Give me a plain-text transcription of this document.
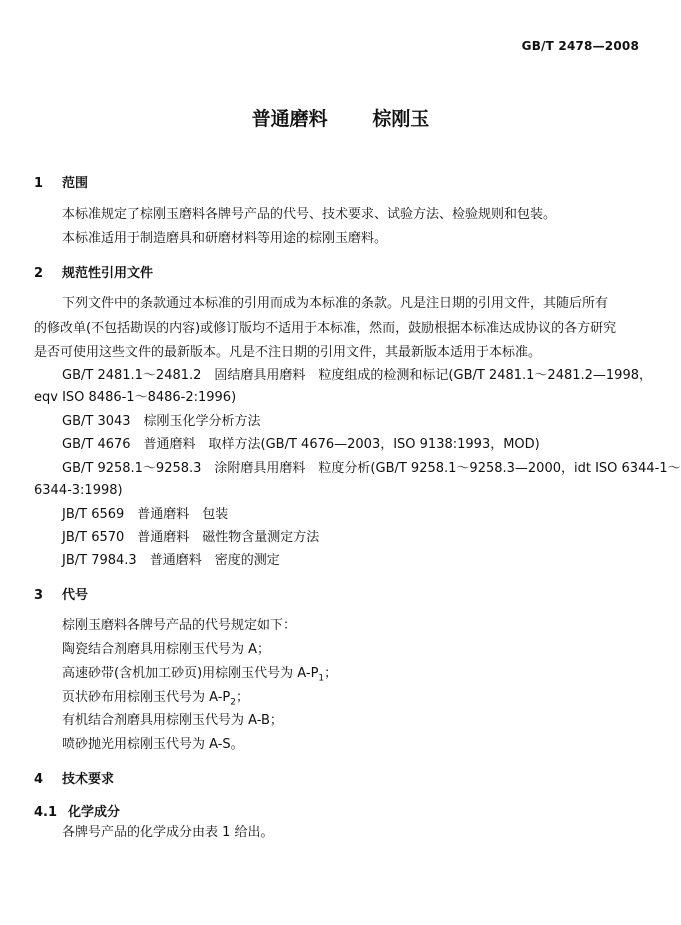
GB/T 2478—2008
普通磨料 棕刚玉
1 范围
本标准规定了棕刚玉磨料各牌号产品的代号、技术要求、试验方法、检验规则和包装。
本标准适用于制造磨具和研磨材料等用途的棕刚玉磨料。
2 规范性引用文件
下列文件中的条款通过本标准的引用而成为本标准的条款。凡是注日期的引用文件，其随后所有
的修改单(不包括勘误的内容)或修订版均不适用于本标准，然而，鼓励根据本标准达成协议的各方研究
是否可使用这些文件的最新版本。凡是不注日期的引用文件，其最新版本适用于本标准。
GB/T 2481.1～2481.2　固结磨具用磨料　粒度组成的检测和标记(GB/T 2481.1～2481.2—1998，
eqv ISO 8486-1～8486-2:1996)
GB/T 3043　棕刚玉化学分析方法
GB/T 4676　普通磨料　取样方法(GB/T 4676—2003，ISO 9138:1993，MOD)
GB/T 9258.1～9258.3　涂附磨具用磨料　粒度分析(GB/T 9258.1～9258.3—2000，idt ISO 6344-1～
6344-3:1998)
JB/T 6569　普通磨料　包装
JB/T 6570　普通磨料　磁性物含量测定方法
JB/T 7984.3　普通磨料　密度的测定
3 代号
棕刚玉磨料各牌号产品的代号规定如下：
陶瓷结合剂磨具用棕刚玉代号为 A；
高速砂带(含机加工砂页)用棕刚玉代号为 $A-P_1$；
页状砂布用棕刚玉代号为 $A-P_2$；
有机结合剂磨具用棕刚玉代号为 A-B；
喷砂抛光用棕刚玉代号为 A-S。
4 技术要求
4.1 化学成分
各牌号产品的化学成分由表 1 给出。
